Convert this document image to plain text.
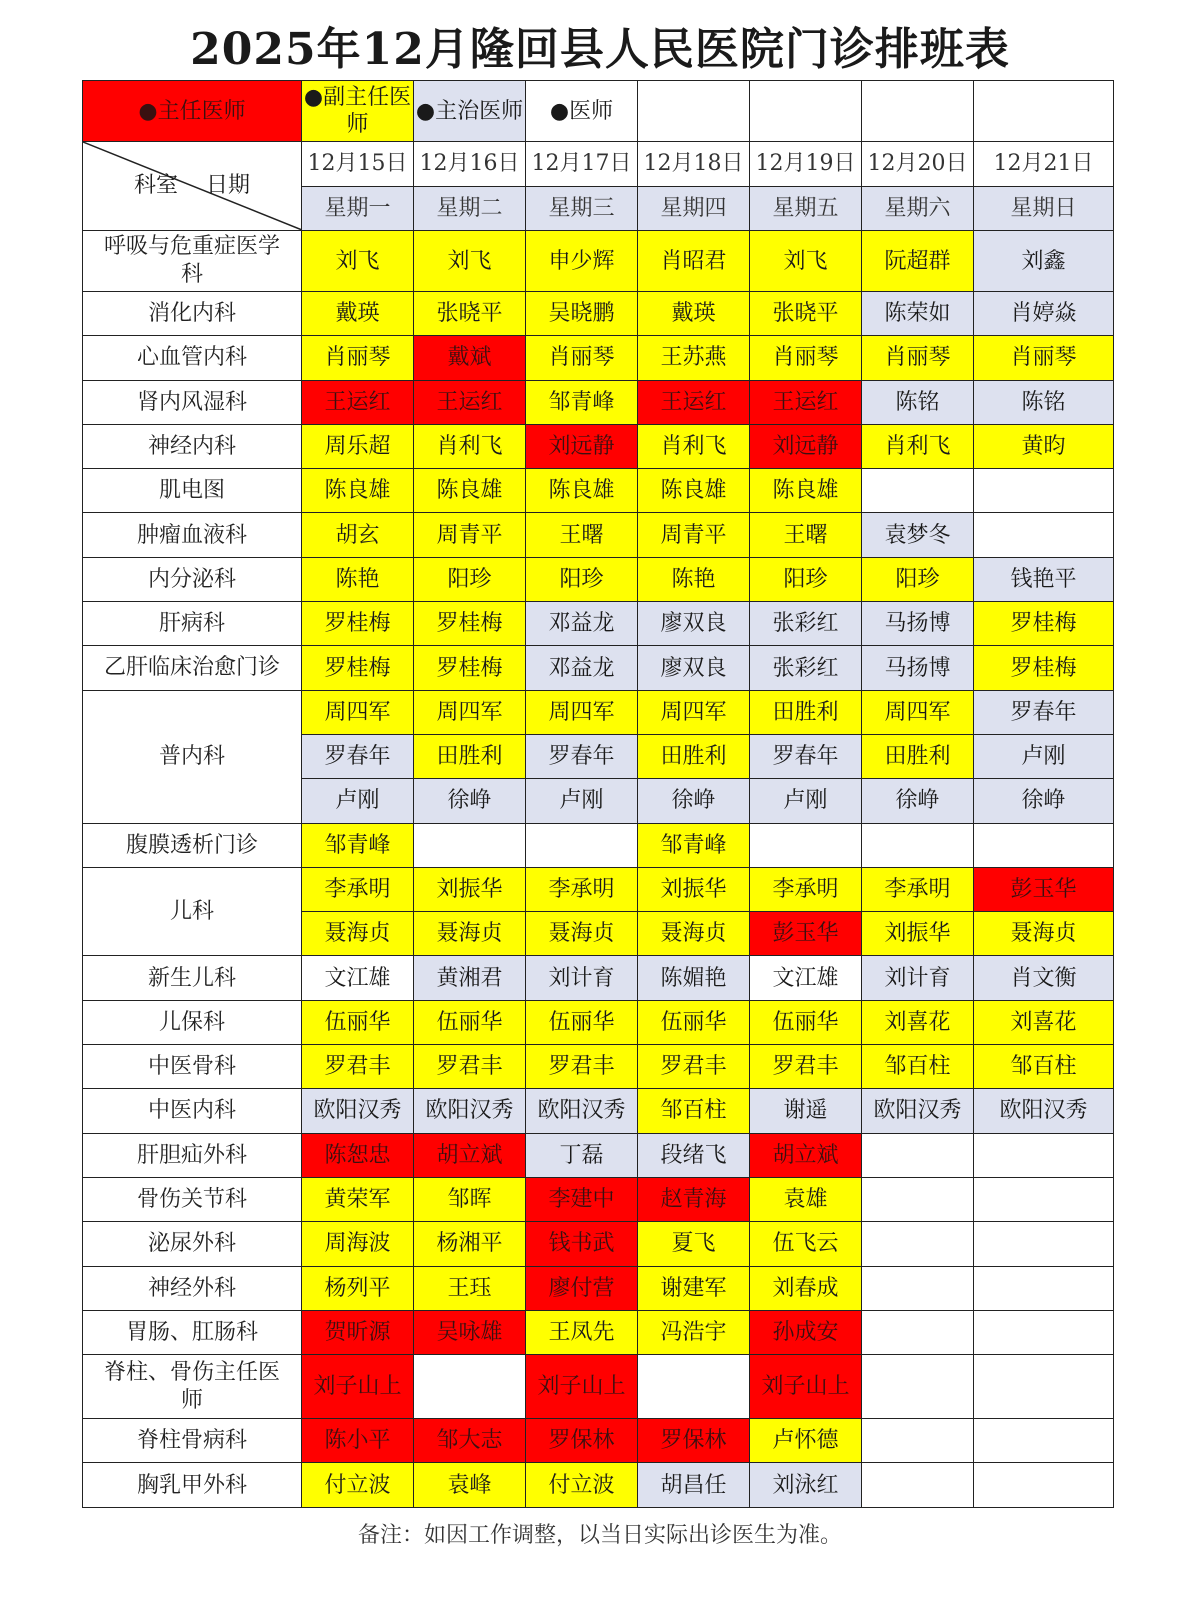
2025年12月隆回县人民医院门诊排班表
●主任医师	●副主任医师	●主治医师	●医师				

科室 日期	12月15日	12月16日	12月17日	12月18日	12月19日	12月20日	12月21日
	星期一	星期二	星期三	星期四	星期五	星期六	星期日
呼吸与危重症医学科	刘飞	刘飞	申少辉	肖昭君	刘飞	阮超群	刘鑫
消化内科	戴瑛	张晓平	吴晓鹏	戴瑛	张晓平	陈荣如	肖婷焱
心血管内科	肖丽琴	戴斌	肖丽琴	王苏燕	肖丽琴	肖丽琴	肖丽琴
肾内风湿科	王运红	王运红	邹青峰	王运红	王运红	陈铭	陈铭
神经内科	周乐超	肖利飞	刘远静	肖利飞	刘远静	肖利飞	黄昀
肌电图	陈良雄	陈良雄	陈良雄	陈良雄	陈良雄		
肿瘤血液科	胡玄	周青平	王曙	周青平	王曙	袁梦冬	
内分泌科	陈艳	阳珍	阳珍	陈艳	阳珍	阳珍	钱艳平
肝病科	罗桂梅	罗桂梅	邓益龙	廖双良	张彩红	马扬博	罗桂梅
乙肝临床治愈门诊	罗桂梅	罗桂梅	邓益龙	廖双良	张彩红	马扬博	罗桂梅
普内科	周四军	周四军	周四军	周四军	田胜利	周四军	罗春年
	罗春年	田胜利	罗春年	田胜利	罗春年	田胜利	卢刚
	卢刚	徐峥	卢刚	徐峥	卢刚	徐峥	徐峥
腹膜透析门诊	邹青峰			邹青峰			
儿科	李承明	刘振华	李承明	刘振华	李承明	李承明	彭玉华
	聂海贞	聂海贞	聂海贞	聂海贞	彭玉华	刘振华	聂海贞
新生儿科	文江雄	黄湘君	刘计育	陈媚艳	文江雄	刘计育	肖文衡
儿保科	伍丽华	伍丽华	伍丽华	伍丽华	伍丽华	刘喜花	刘喜花
中医骨科	罗君丰	罗君丰	罗君丰	罗君丰	罗君丰	邹百柱	邹百柱
中医内科	欧阳汉秀	欧阳汉秀	欧阳汉秀	邹百柱	谢遥	欧阳汉秀	欧阳汉秀
肝胆疝外科	陈恕忠	胡立斌	丁磊	段绪飞	胡立斌		
骨伤关节科	黄荣军	邹晖	李建中	赵青海	袁雄		
泌尿外科	周海波	杨湘平	钱书武	夏飞	伍飞云		
神经外科	杨列平	王珏	廖付营	谢建军	刘春成		
胃肠、肛肠科	贺昕源	吴咏雄	王凤先	冯浩宇	孙成安		
脊柱、骨伤主任医师	刘子山上		刘子山上		刘子山上		
脊柱骨病科	陈小平	邹大志	罗保林	罗保林	卢怀德		
胸乳甲外科	付立波	袁峰	付立波	胡昌任	刘泳红		
备注：如因工作调整，以当日实际出诊医生为准。
